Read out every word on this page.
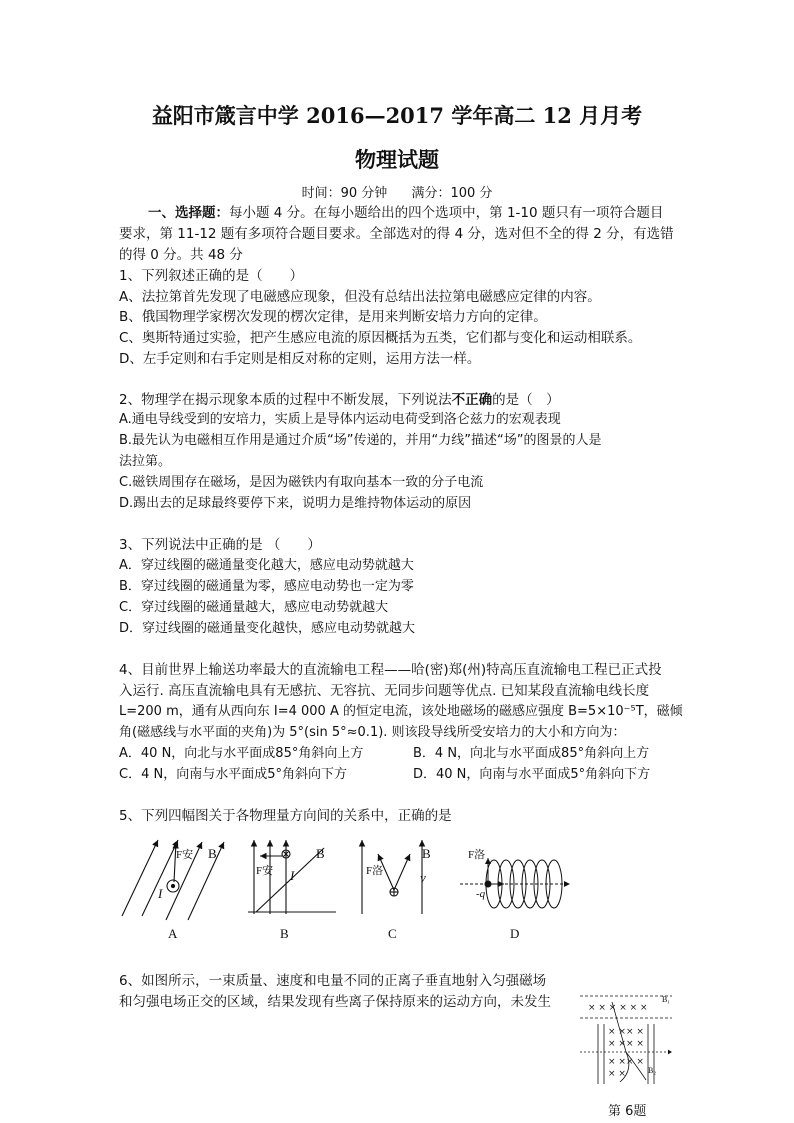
益阳市箴言中学 2016—2017 学年高二 12 月月考
物理试题
时间：90 分钟 满分：100 分
一、选择题：每小题 4 分。在每小题给出的四个选项中，第 1-10 题只有一项符合题目
要求，第 11-12 题有多项符合题目要求。全部选对的得 4 分，选对但不全的得 2 分，有选错
的得 0 分。共 48 分
1、下列叙述正确的是（　　）
A、法拉第首先发现了电磁感应现象，但没有总结出法拉第电磁感应定律的内容。
B、俄国物理学家楞次发现的楞次定律，是用来判断安培力方向的定律。
C、奥斯特通过实验，把产生感应电流的原因概括为五类，它们都与变化和运动相联系。
D、左手定则和右手定则是相反对称的定则，运用方法一样。
2、物理学在揭示现象本质的过程中不断发展，下列说法不正确的是（　）
A.通电导线受到的安培力，实质上是导体内运动电荷受到洛仑兹力的宏观表现
B.最先认为电磁相互作用是通过介质“场”传递的，并用“力线”描述“场”的图景的人是
法拉第。
C.磁铁周围存在磁场，是因为磁铁内有取向基本一致的分子电流
D.踢出去的足球最终要停下来，说明力是维持物体运动的原因
3、下列说法中正确的是 （　　）
A．穿过线圈的磁通量变化越大，感应电动势就越大
B．穿过线圈的磁通量为零，感应电动势也一定为零
C．穿过线圈的磁通量越大，感应电动势就越大
D．穿过线圈的磁通量变化越快，感应电动势就越大
4、目前世界上输送功率最大的直流输电工程——哈(密)郑(州)特高压直流输电工程已正式投
入运行. 高压直流输电具有无感抗、无容抗、无同步问题等优点. 已知某段直流输电线长度
L=200 m，通有从西向东 I=4 000 A 的恒定电流，该处地磁场的磁感应强度 B=5×10⁻⁵T，磁倾
角(磁感线与水平面的夹角)为 5°(sin 5°≈0.1). 则该段导线所受安培力的大小和方向为：
A．40 N，向北与水平面成85°角斜向上方	B．4 N，向北与水平面成85°角斜向上方
C．4 N，向南与水平面成5°角斜向下方	D．40 N，向南与水平面成5°角斜向下方
5、下列四幅图关于各物理量方向间的关系中，正确的是
F安 B
I
A
F安
B
I
B
F洛
B
v
C
F洛
-q
D
6、如图所示，一束质量、速度和电量不同的正离子垂直地射入匀强磁场
和匀强电场正交的区域，结果发现有些离子保持原来的运动方向，未发生	× × × × × ×
× × × ×
× × × ×
× × × ×
× ×
B₁
B₂
第 6题
